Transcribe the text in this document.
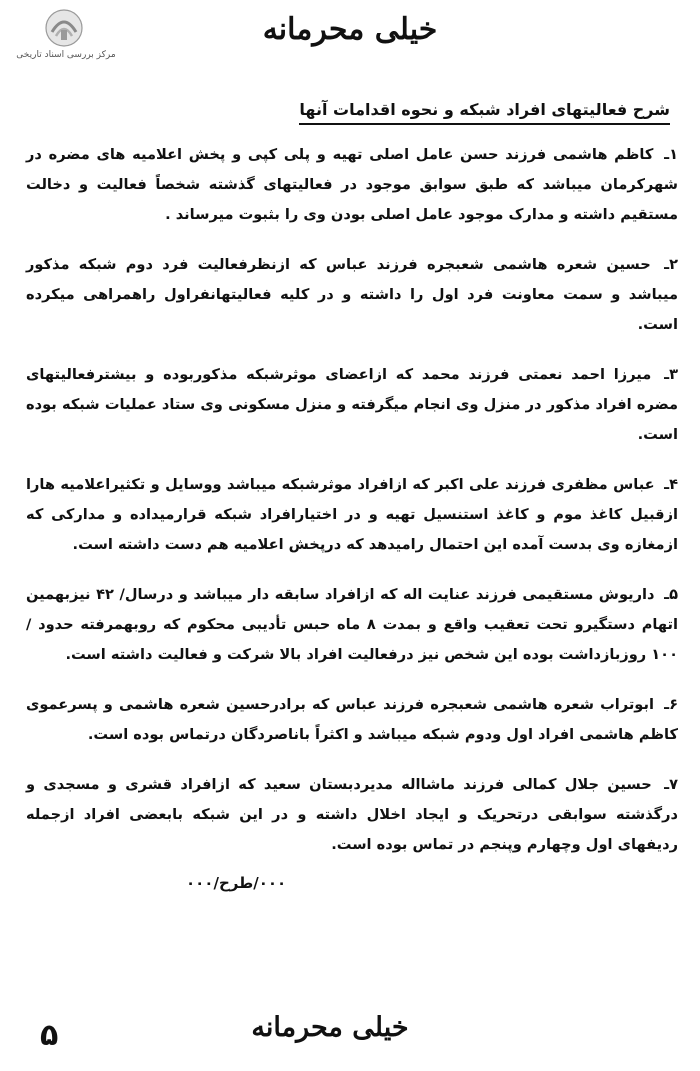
مرکز بررسی اسناد تاریخی
خیلی محرمانه
شرح فعالیتهای افراد شبکه و نحوه اقدامات آنها

۱ـ کاظم هاشمی فرزند حسن عامل اصلی تهیه و پلی کپی و پخش اعلامیه های مضره در شهرکرمان میباشد که طبق سوابق موجود در فعالیتهای گذشته شخصاً فعالیت و دخالت مستقیم داشته و مدارک موجود عامل اصلی بودن وی را بثبوت میرساند .

۲ـ حسین شعره هاشمی شعبجره فرزند عباس که ازنظرفعالیت فرد دوم شبکه مذکور میباشد و سمت معاونت فرد اول را داشته و در کلیه فعالیتهانفراول راهمراهی میکرده است.

۳ـ میرزا احمد نعمتی فرزند محمد که ازاعضای موثرشبکه مذکوربوده و بیشترفعالیتهای مضره افراد مذکور در منزل وی انجام میگرفته و منزل مسکونی وی ستاد عملیات شبکه بوده است.

۴ـ عباس مظفری فرزند علی اکبر که ازافراد موثرشبکه میباشد ووسایل و تکثیراعلامیه هارا ازقبیل کاغذ موم و کاغذ استنسیل تهیه و در اختیارافراد شبکه قرارمیداده و مدارکی که ازمغازه وی بدست آمده این احتمال رامیدهد که درپخش اعلامیه هم دست داشته است.

۵ـ داریوش مستقیمی فرزند عنایت اله که ازافراد سابقه دار میباشد و درسال/ ۴۲ نیزبهمین اتهام دستگیرو تحت تعقیب واقع و بمدت ۸ ماه حبس تأدیبی محکوم که روبهمرفته حدود /۱۰۰ روزبازداشت بوده این شخص نیز درفعالیت افراد بالا شرکت و فعالیت داشته است.

۶ـ ابوتراب شعره هاشمی شعبجره فرزند عباس که برادرحسین شعره هاشمی و پسرعموی کاظم هاشمی افراد اول ودوم شبکه میباشد و اکثراً باناصردگان درتماس بوده است.

۷ـ حسین جلال کمالی فرزند ماشااله مدیردبستان سعید که ازافراد قشری و مسجدی و درگذشته سوابقی درتحریک و ایجاد اخلال داشته و در این شبکه بابعضی افراد ازجمله ردیفهای اول وچهارم وپنجم در تماس بوده است.

۰۰۰/طرح/۰۰۰
خیلی محرمانه
۵
